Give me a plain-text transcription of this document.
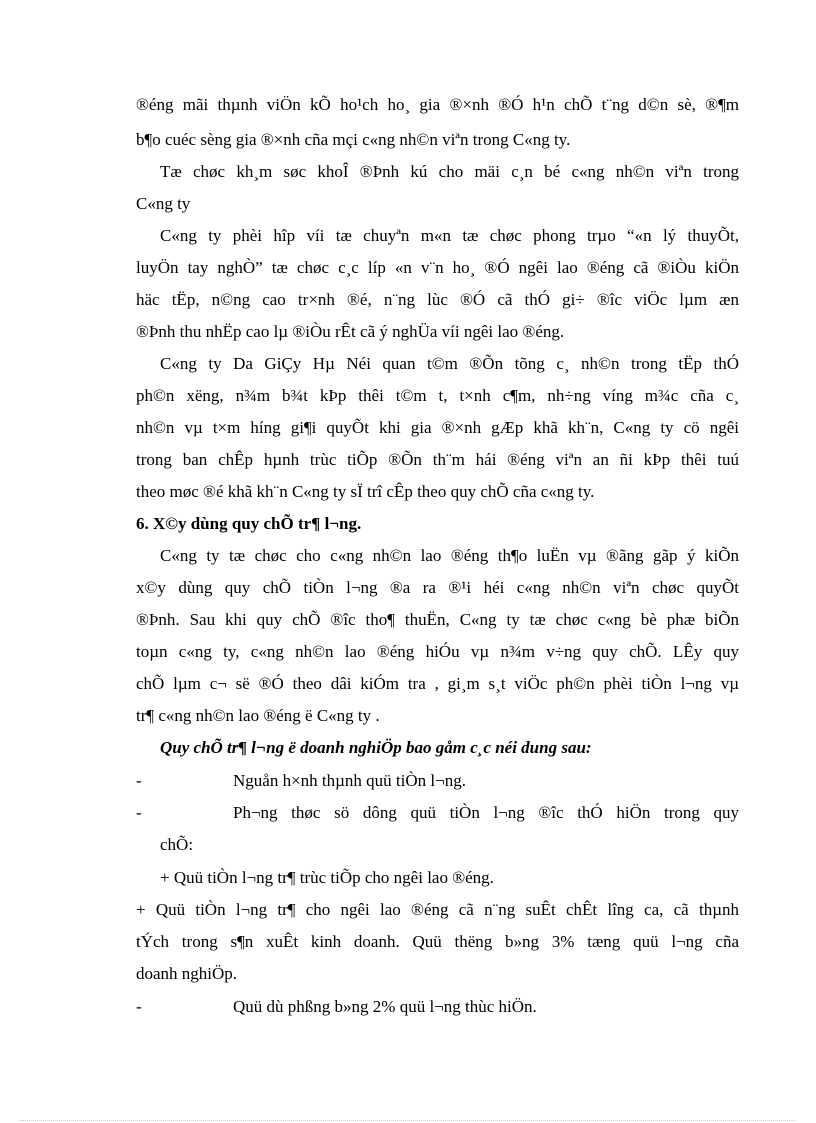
®éng mãi thµnh viÖn kÕ ho¹ch ho¸ gia ®×nh ®Ó h¹n chÕ t¨ng d©n sè, ®¶m
b¶o cuéc sèng gia ®×nh cña mçi c«ng nh©n viªn trong C«ng ty.
Tæ chøc kh¸m søc khoÎ ®Þnh kú cho mäi c¸n bé c«ng nh©n viªn trong
C«ng ty
C«ng ty phèi hîp víi tæ chuyªn m«n tæ chøc phong trµo “«n lý thuyÕt,
luyÖn tay nghÒ” tæ chøc c¸c líp «n v¨n ho¸ ®Ó ngêi lao ®éng cã ®iÒu kiÖn
häc tËp, n©ng cao tr×nh ®é, n¨ng lùc ®Ó cã thÓ gi÷ ®îc viÖc lµm æn
®Þnh thu nhËp cao lµ ®iÒu rÊt cã ý nghÜa víi ngêi lao ®éng.
C«ng ty Da GiÇy Hµ Néi quan t©m ®Õn tõng c¸ nh©n trong tËp thÓ
ph©n xëng, n¾m b¾t kÞp thêi t©m t, t×nh c¶m, nh÷ng víng m¾c cña c¸
nh©n vµ t×m híng gi¶i quyÕt khi gia ®×nh gÆp khã kh¨n, C«ng ty cö ngêi
trong ban chÊp hµnh trùc tiÕp ®Õn th¨m hái ®éng viªn an ñi kÞp thêi tuú
theo møc ®é khã kh¨n C«ng ty sÏ trî cÊp theo quy chÕ cña c«ng ty.
6. X©y dùng quy chÕ tr¶ l¬ng.
C«ng ty tæ chøc cho c«ng nh©n lao ®éng th¶o luËn vµ ®ãng gãp ý kiÕn
x©y dùng quy chÕ tiÒn l¬ng ®a ra ®¹i héi c«ng nh©n viªn chøc quyÕt
®Þnh. Sau khi quy chÕ ®îc tho¶ thuËn, C«ng ty tæ chøc c«ng bè phæ biÕn
toµn c«ng ty, c«ng nh©n lao ®éng hiÓu vµ n¾m v÷ng quy chÕ. LÊy quy
chÕ lµm c¬ së ®Ó theo dâi kiÓm tra , gi¸m s¸t viÖc ph©n phèi tiÒn l¬ng vµ
tr¶ c«ng nh©n lao ®éng ë C«ng ty .
Quy chÕ tr¶ l¬ng ë doanh nghiÖp bao gåm c¸c néi dung sau:
-	Nguån h×nh thµnh quü tiÒn l¬ng.
-	Ph¬ng thøc sö dông quü tiÒn l¬ng ®îc thÓ hiÖn trong quy
chÕ:
+ Quü tiÒn l¬ng tr¶ trùc tiÕp cho ngêi lao ®éng.
+ Quü tiÒn l¬ng tr¶ cho ngêi lao ®éng cã n¨ng suÊt chÊt lîng ca, cã thµnh
tÝch trong s¶n xuÊt kinh doanh. Quü thëng b»ng 3% tæng quü l¬ng cña
doanh nghiÖp.
-	Quü dù phßng b»ng 2% quü l¬ng thùc hiÖn.
